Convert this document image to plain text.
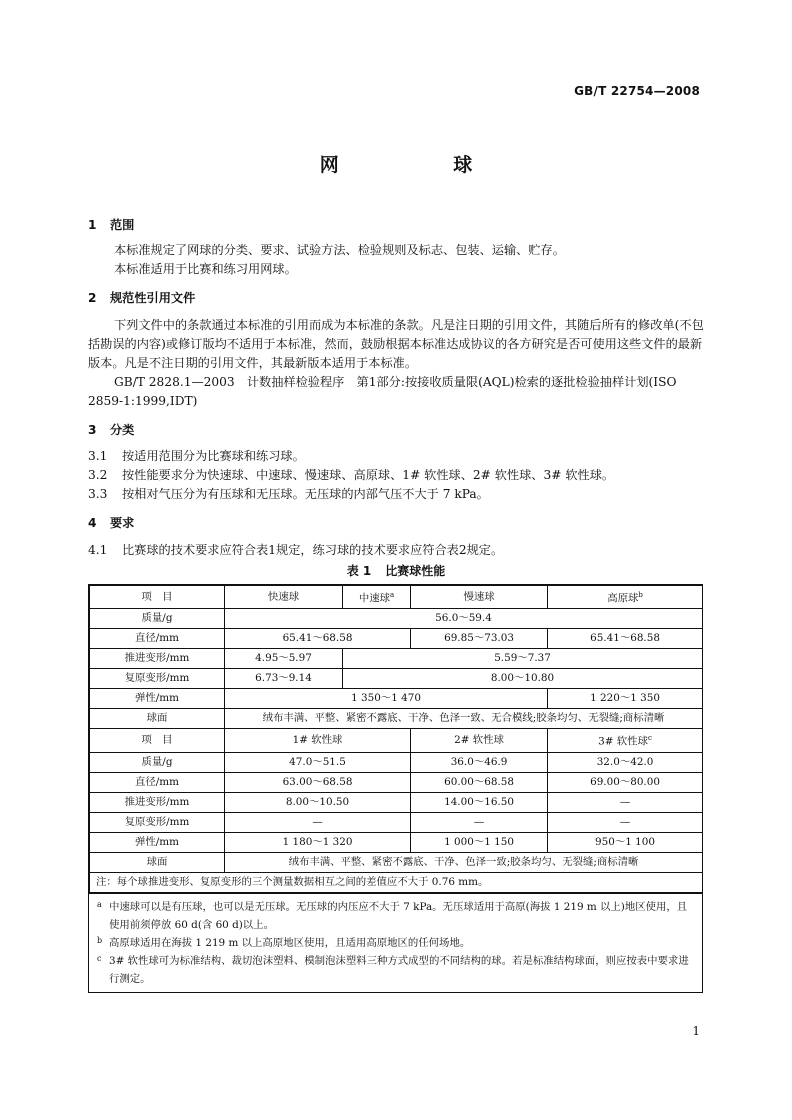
GB/T 22754—2008
网 球
1 范围
本标准规定了网球的分类、要求、试验方法、检验规则及标志、包装、运输、贮存。
本标准适用于比赛和练习用网球。
2 规范性引用文件
下列文件中的条款通过本标准的引用而成为本标准的条款。凡是注日期的引用文件，其随后所有的修改单(不包括勘误的内容)或修订版均不适用于本标准，然而，鼓励根据本标准达成协议的各方研究是否可使用这些文件的最新版本。凡是不注日期的引用文件，其最新版本适用于本标准。
GB/T 2828.1—2003　计数抽样检验程序　第1部分:按接收质量限(AQL)检索的逐批检验抽样计划(ISO 2859-1:1999,IDT)
3 分类
3.1 按适用范围分为比赛球和练习球。
3.2 按性能要求分为快速球、中速球、慢速球、高原球、1# 软性球、2# 软性球、3# 软性球。
3.3 按相对气压分为有压球和无压球。无压球的内部气压不大于 7 kPa。
4 要求
4.1 比赛球的技术要求应符合表1规定，练习球的技术要求应符合表2规定。
表 1 比赛球性能
项　目	快速球	中速球$^a$	慢速球	高原球$^b$
质量/g	56.0～59.4			
直径/mm	65.41～68.58		69.85～73.03	65.41～68.58
推进变形/mm	4.95～5.97	5.59～7.37		
复原变形/mm	6.73～9.14	8.00～10.80		
弹性/mm	1 350～1 470			1 220～1 350
球面	绒布丰满、平整、紧密不露底、干净、色泽一致、无合模线;胶条均匀、无裂缝;商标清晰			
项　目	1# 软性球		2# 软性球	3# 软性球$^c$
质量/g	47.0～51.5		36.0～46.9	32.0～42.0
直径/mm	63.00～68.58		60.00～68.58	69.00～80.00
推进变形/mm	8.00～10.50		14.00～16.50	—
复原变形/mm	—		—	—
弹性/mm	1 180～1 320		1 000～1 150	950～1 100
球面	绒布丰满、平整、紧密不露底、干净、色泽一致;胶条均匀、无裂缝;商标清晰			
注：每个球推进变形、复原变形的三个测量数据相互之间的差值应不大于 0.76 mm。				
a 中速球可以是有压球，也可以是无压球。无压球的内压应不大于 7 kPa。无压球适用于高原(海拔 1 219 m 以上)地区使用，且使用前须停放 60 d(含 60 d)以上。
b 高原球适用在海拔 1 219 m 以上高原地区使用，且适用高原地区的任何场地。
c 3# 软性球可为标准结构、裁切泡沫塑料、模制泡沫塑料三种方式成型的不同结构的球。若是标准结构球面，则应按表中要求进行测定。
1
